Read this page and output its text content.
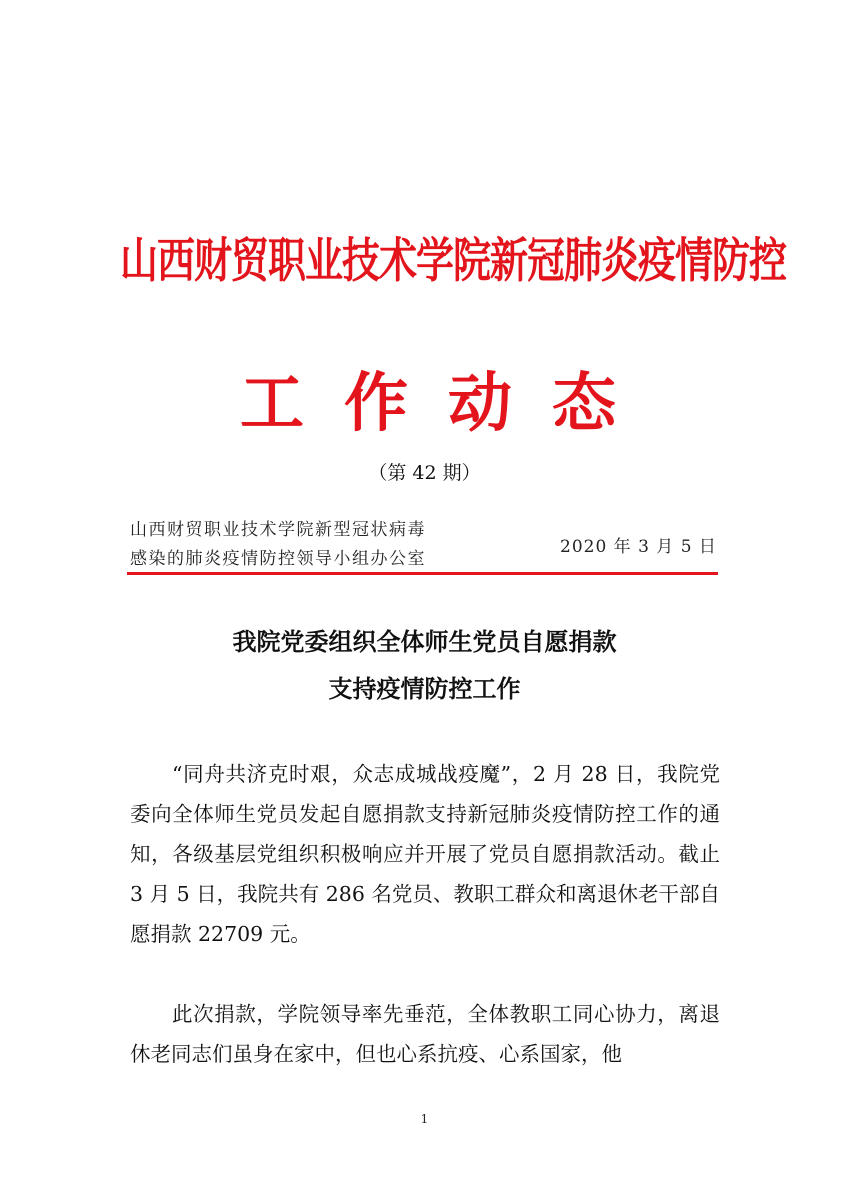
山西财贸职业技术学院新冠肺炎疫情防控
工作动态
（第 42 期）
山西财贸职业技术学院新型冠状病毒
感染的肺炎疫情防控领导小组办公室
2020 年 3 月 5 日
我院党委组织全体师生党员自愿捐款
支持疫情防控工作
“同舟共济克时艰，众志成城战疫魔”，2 月 28 日，我院党委向全体师生党员发起自愿捐款支持新冠肺炎疫情防控工作的通知，各级基层党组织积极响应并开展了党员自愿捐款活动。截止 3 月 5 日，我院共有 286 名党员、教职工群众和离退休老干部自愿捐款 22709 元。
此次捐款，学院领导率先垂范，全体教职工同心协力，离退休老同志们虽身在家中，但也心系抗疫、心系国家，他
1
